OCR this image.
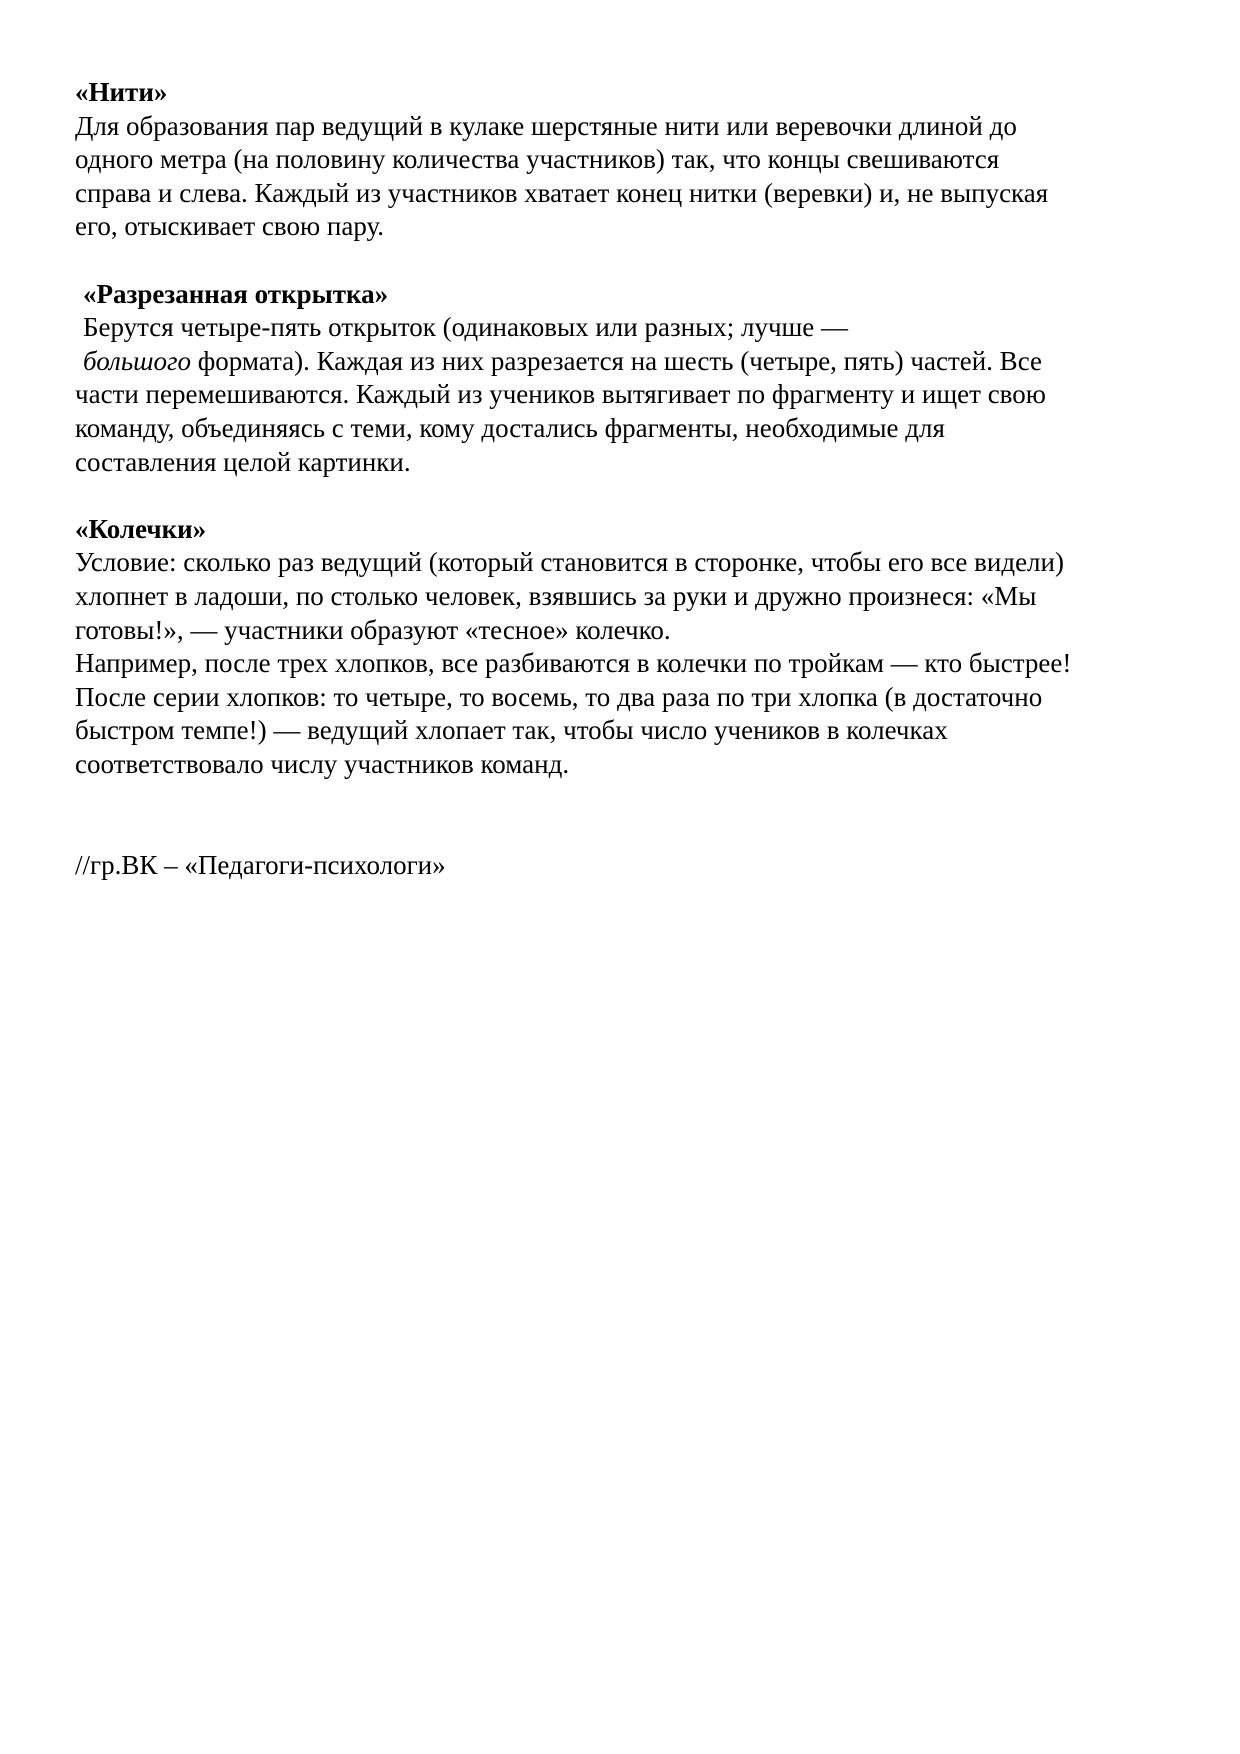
«Нити»
Для образования пар ведущий в кулаке шерстяные нити или веревочки длиной до
одного метра (на половину количества участников) так, что концы свешиваются
справа и слева. Каждый из участников хватает конец нитки (веревки) и, не выпуская
его, отыскивает свою пару.
«Разрезанная открытка»
Берутся четыре-пять открыток (одинаковых или разных; лучше —
большого формата). Каждая из них разрезается на шесть (четыре, пять) частей. Все
части перемешиваются. Каждый из учеников вытягивает по фрагменту и ищет свою
команду, объединяясь с теми, кому достались фрагменты, необходимые для
составления целой картинки.
«Колечки»
Условие: сколько раз ведущий (который становится в сторонке, чтобы его все видели)
хлопнет в ладоши, по столько человек, взявшись за руки и дружно произнеся: «Мы
готовы!», — участники образуют «тесное» колечко.
Например, после трех хлопков, все разбиваются в колечки по тройкам — кто быстрее!
После серии хлопков: то четыре, то восемь, то два раза по три хлопка (в достаточно
быстром темпе!) — ведущий хлопает так, чтобы число учеников в колечках
соответствовало числу участников команд.
//гр.ВК – «Педагоги-психологи»
